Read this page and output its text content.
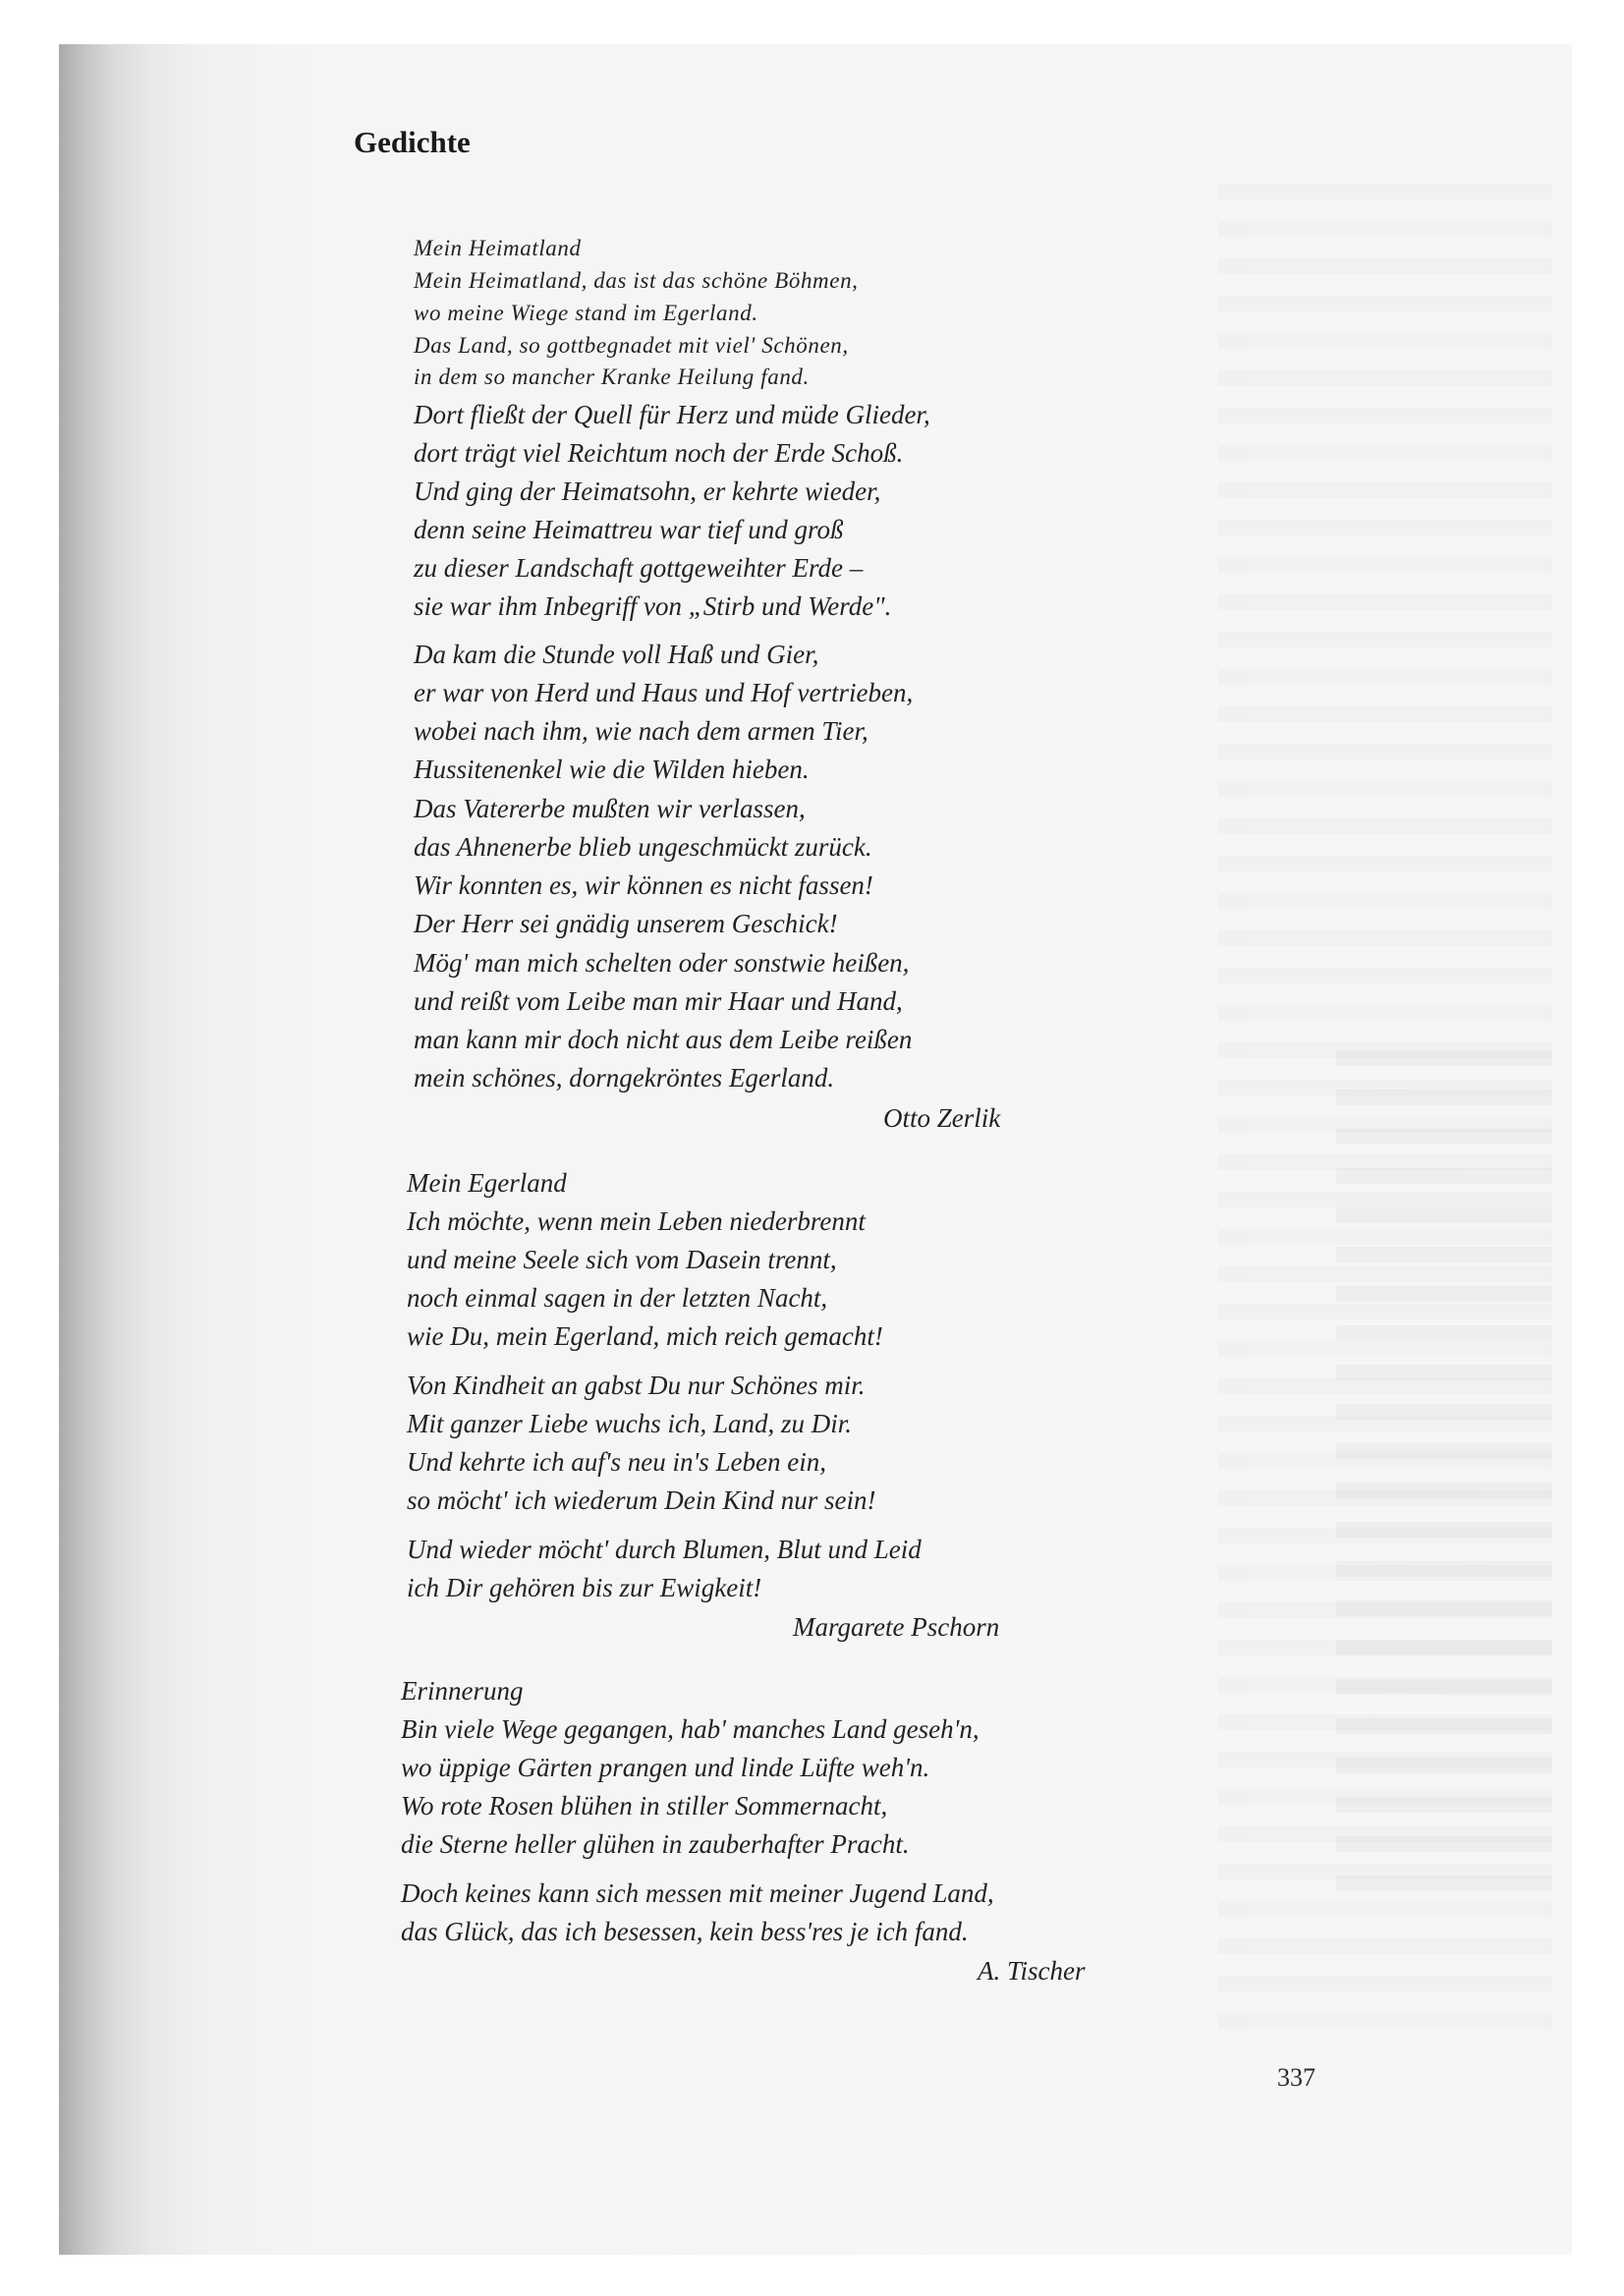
Gedichte
Mein Heimatland
Mein Heimatland, das ist das schöne Böhmen,
wo meine Wiege stand im Egerland.
Das Land, so gottbegnadet mit viel' Schönen,
in dem so mancher Kranke Heilung fand.
Dort fließt der Quell für Herz und müde Glieder,
dort trägt viel Reichtum noch der Erde Schoß.
Und ging der Heimatsohn, er kehrte wieder,
denn seine Heimattreu war tief und groß
zu dieser Landschaft gottgeweihter Erde –
sie war ihm Inbegriff von „Stirb und Werde".
Da kam die Stunde voll Haß und Gier,
er war von Herd und Haus und Hof vertrieben,
wobei nach ihm, wie nach dem armen Tier,
Hussitenenkel wie die Wilden hieben.
Das Vatererbe mußten wir verlassen,
das Ahnenerbe blieb ungeschmückt zurück.
Wir konnten es, wir können es nicht fassen!
Der Herr sei gnädig unserem Geschick!
Mög' man mich schelten oder sonstwie heißen,
und reißt vom Leibe man mir Haar und Hand,
man kann mir doch nicht aus dem Leibe reißen
mein schönes, dorngekröntes Egerland.
Otto Zerlik
Mein Egerland
Ich möchte, wenn mein Leben niederbrennt
und meine Seele sich vom Dasein trennt,
noch einmal sagen in der letzten Nacht,
wie Du, mein Egerland, mich reich gemacht!
Von Kindheit an gabst Du nur Schönes mir.
Mit ganzer Liebe wuchs ich, Land, zu Dir.
Und kehrte ich auf's neu in's Leben ein,
so möcht' ich wiederum Dein Kind nur sein!
Und wieder möcht' durch Blumen, Blut und Leid
ich Dir gehören bis zur Ewigkeit!
Margarete Pschorn
Erinnerung
Bin viele Wege gegangen, hab' manches Land geseh'n,
wo üppige Gärten prangen und linde Lüfte weh'n.
Wo rote Rosen blühen in stiller Sommernacht,
die Sterne heller glühen in zauberhafter Pracht.
Doch keines kann sich messen mit meiner Jugend Land,
das Glück, das ich besessen, kein bess'res je ich fand.
A. Tischer
337
